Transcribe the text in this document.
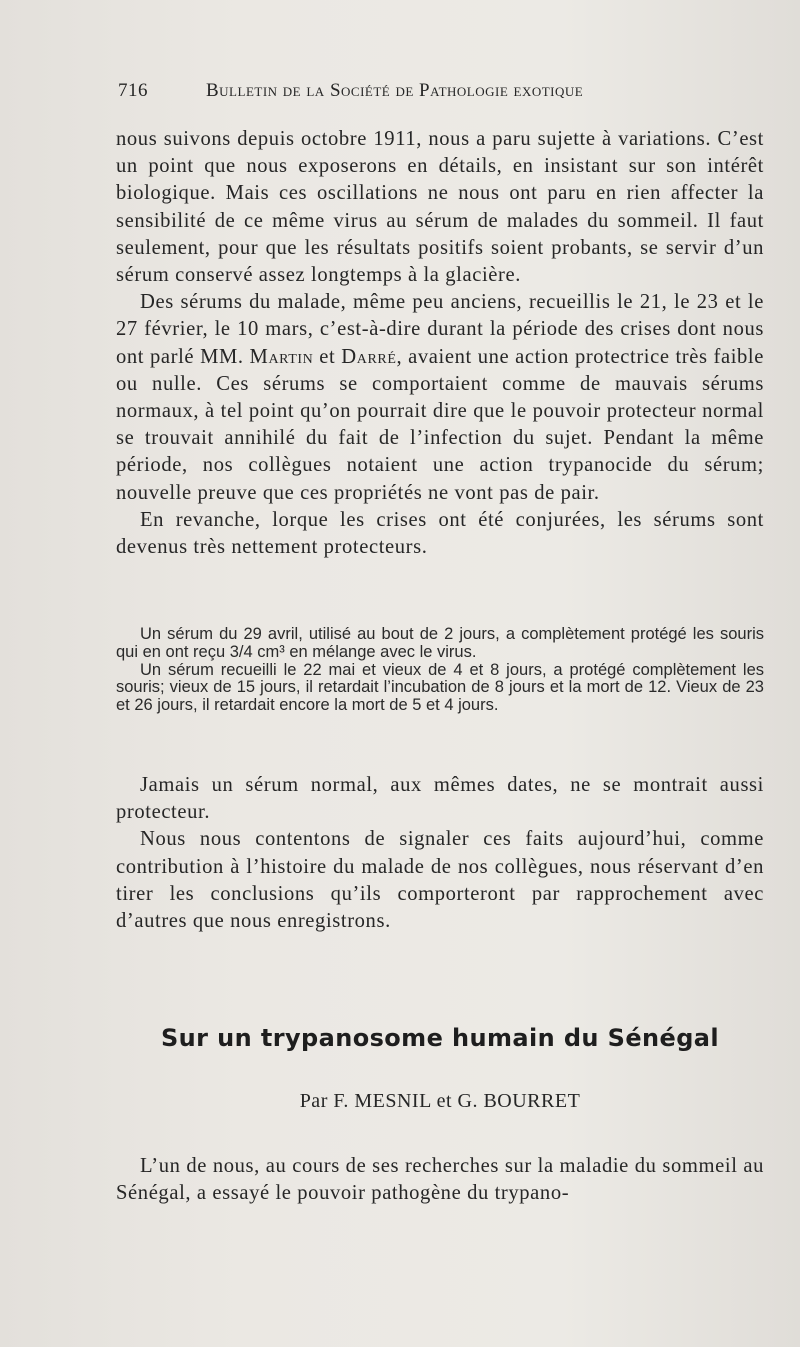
716	Bulletin de la Société de Pathologie exotique

nous suivons depuis octobre 1911, nous a paru sujette à variations. C’est un point que nous exposerons en détails, en insistant sur son intérêt biologique. Mais ces oscillations ne nous ont paru en rien affecter la sensibilité de ce même virus au sérum de malades du sommeil. Il faut seulement, pour que les résultats positifs soient probants, se servir d’un sérum conservé assez longtemps à la glacière.

Des sérums du malade, même peu anciens, recueillis le 21, le 23 et le 27 février, le 10 mars, c’est-à-dire durant la période des crises dont nous ont parlé MM. Martin et Darré, avaient une action protectrice très faible ou nulle. Ces sérums se comportaient comme de mauvais sérums normaux, à tel point qu’on pourrait dire que le pouvoir protecteur normal se trouvait annihilé du fait de l’infection du sujet. Pendant la même période, nos collègues notaient une action trypanocide du sérum; nouvelle preuve que ces propriétés ne vont pas de pair.

En revanche, lorque les crises ont été conjurées, les sérums sont devenus très nettement protecteurs.

Un sérum du 29 avril, utilisé au bout de 2 jours, a complètement protégé les souris qui en ont reçu 3/4 cm³ en mélange avec le virus.

Un sérum recueilli le 22 mai et vieux de 4 et 8 jours, a protégé complètement les souris; vieux de 15 jours, il retardait l’incubation de 8 jours et la mort de 12. Vieux de 23 et 26 jours, il retardait encore la mort de 5 et 4 jours.

Jamais un sérum normal, aux mêmes dates, ne se montrait aussi protecteur.

Nous nous contentons de signaler ces faits aujourd’hui, comme contribution à l’histoire du malade de nos collègues, nous réservant d’en tirer les conclusions qu’ils comporteront par rapprochement avec d’autres que nous enregistrons.

Sur un trypanosome humain du Sénégal
Par F. MESNIL et G. BOURRET

L’un de nous, au cours de ses recherches sur la maladie du sommeil au Sénégal, a essayé le pouvoir pathogène du trypano-
